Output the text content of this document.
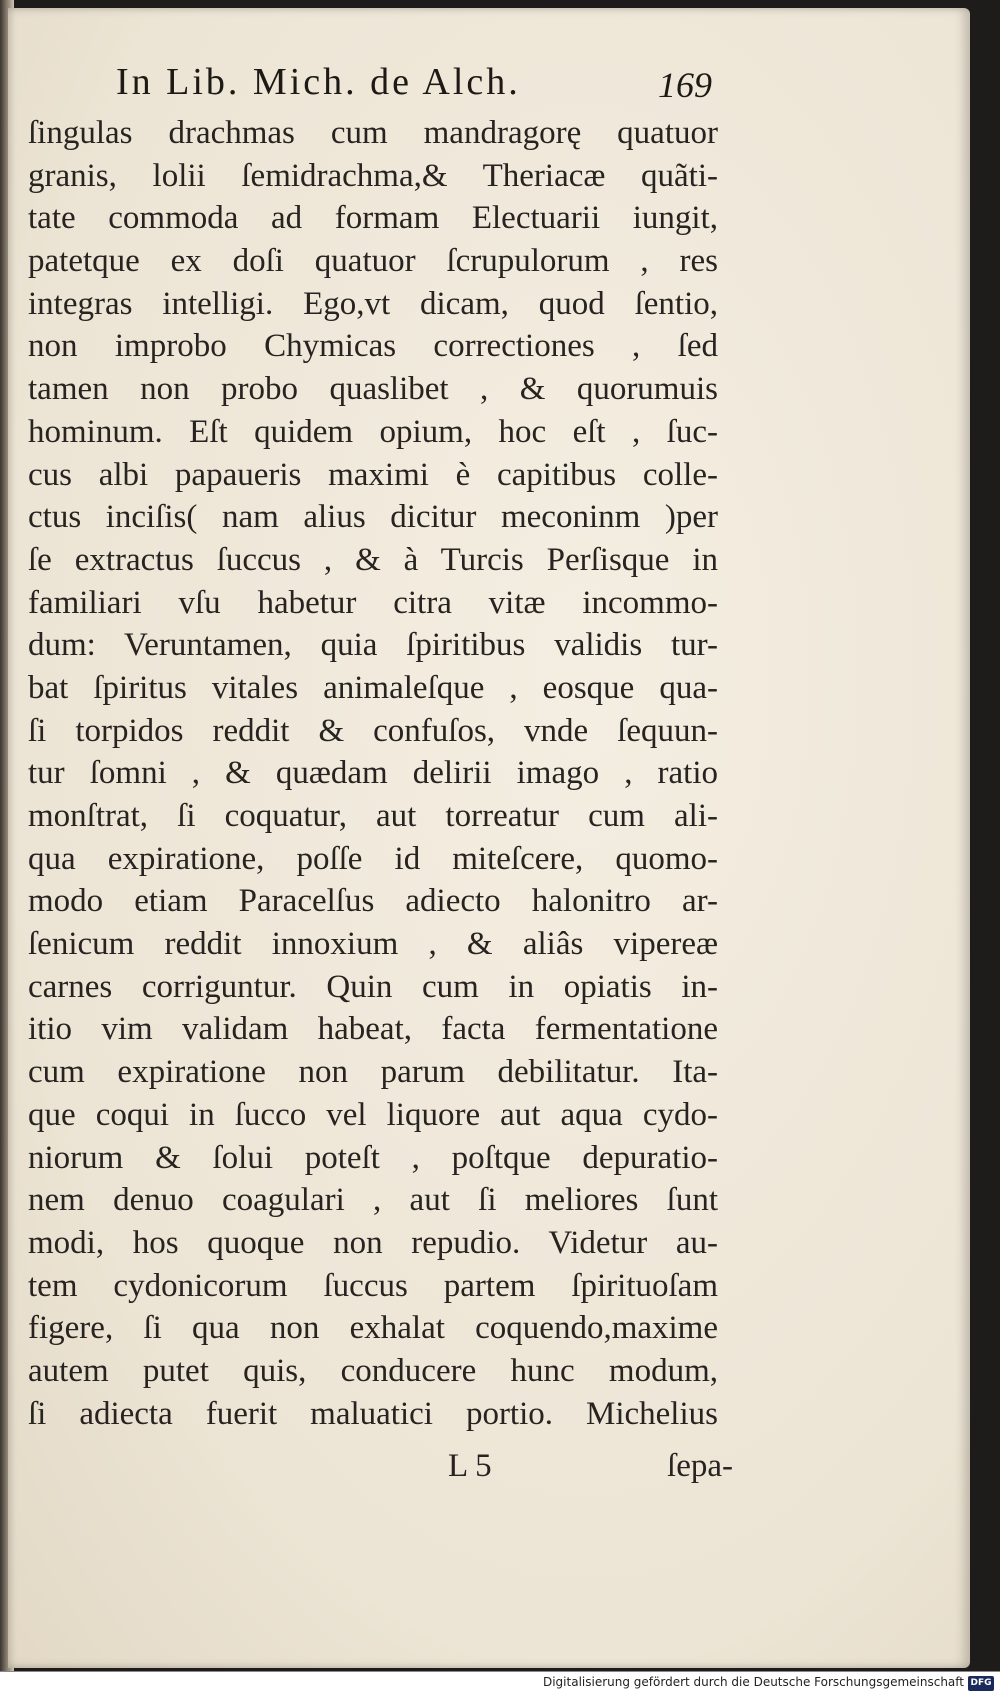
In Lib. Mich. de Alch.	169
ſingulas drachmas cum mandragorę quatuor
granis, lolii ſemidrachma,& Theriacæ quãti-
tate commoda ad formam Electuarii iungit,
patetque ex doſi quatuor ſcrupulorum , res
integras intelligi. Ego,vt dicam, quod ſentio,
non improbo Chymicas correctiones , ſed
tamen non probo quaslibet , & quorumuis
hominum. Eſt quidem opium, hoc eſt , ſuc-
cus albi papaueris maximi è capitibus colle-
ctus inciſis( nam alius dicitur meconinm )per
ſe extractus ſuccus , & à Turcis Perſisque in
familiari vſu habetur citra vitæ incommo-
dum: Veruntamen, quia ſpiritibus validis tur-
bat ſpiritus vitales animaleſque , eosque qua-
ſi torpidos reddit & confuſos, vnde ſequun-
tur ſomni , & quædam delirii imago , ratio
monſtrat, ſi coquatur, aut torreatur cum ali-
qua expiratione, poſſe id miteſcere, quomo-
modo etiam Paracelſus adiecto halonitro ar-
ſenicum reddit innoxium , & aliâs vipereæ
carnes corriguntur. Quin cum in opiatis in-
itio vim validam habeat, facta fermentatione
cum expiratione non parum debilitatur. Ita-
que coqui in ſucco vel liquore aut aqua cydo-
niorum & ſolui poteſt , poſtque depuratio-
nem denuo coagulari , aut ſi meliores ſunt
modi, hos quoque non repudio. Videtur au-
tem cydonicorum ſuccus partem ſpirituoſam
figere, ſi qua non exhalat coquendo,maxime
autem putet quis, conducere hunc modum,
ſi adiecta fuerit maluatici portio. Michelius
L 5	ſepa-
Digitalisierung gefördert durch die Deutsche Forschungsgemeinschaft DFG
